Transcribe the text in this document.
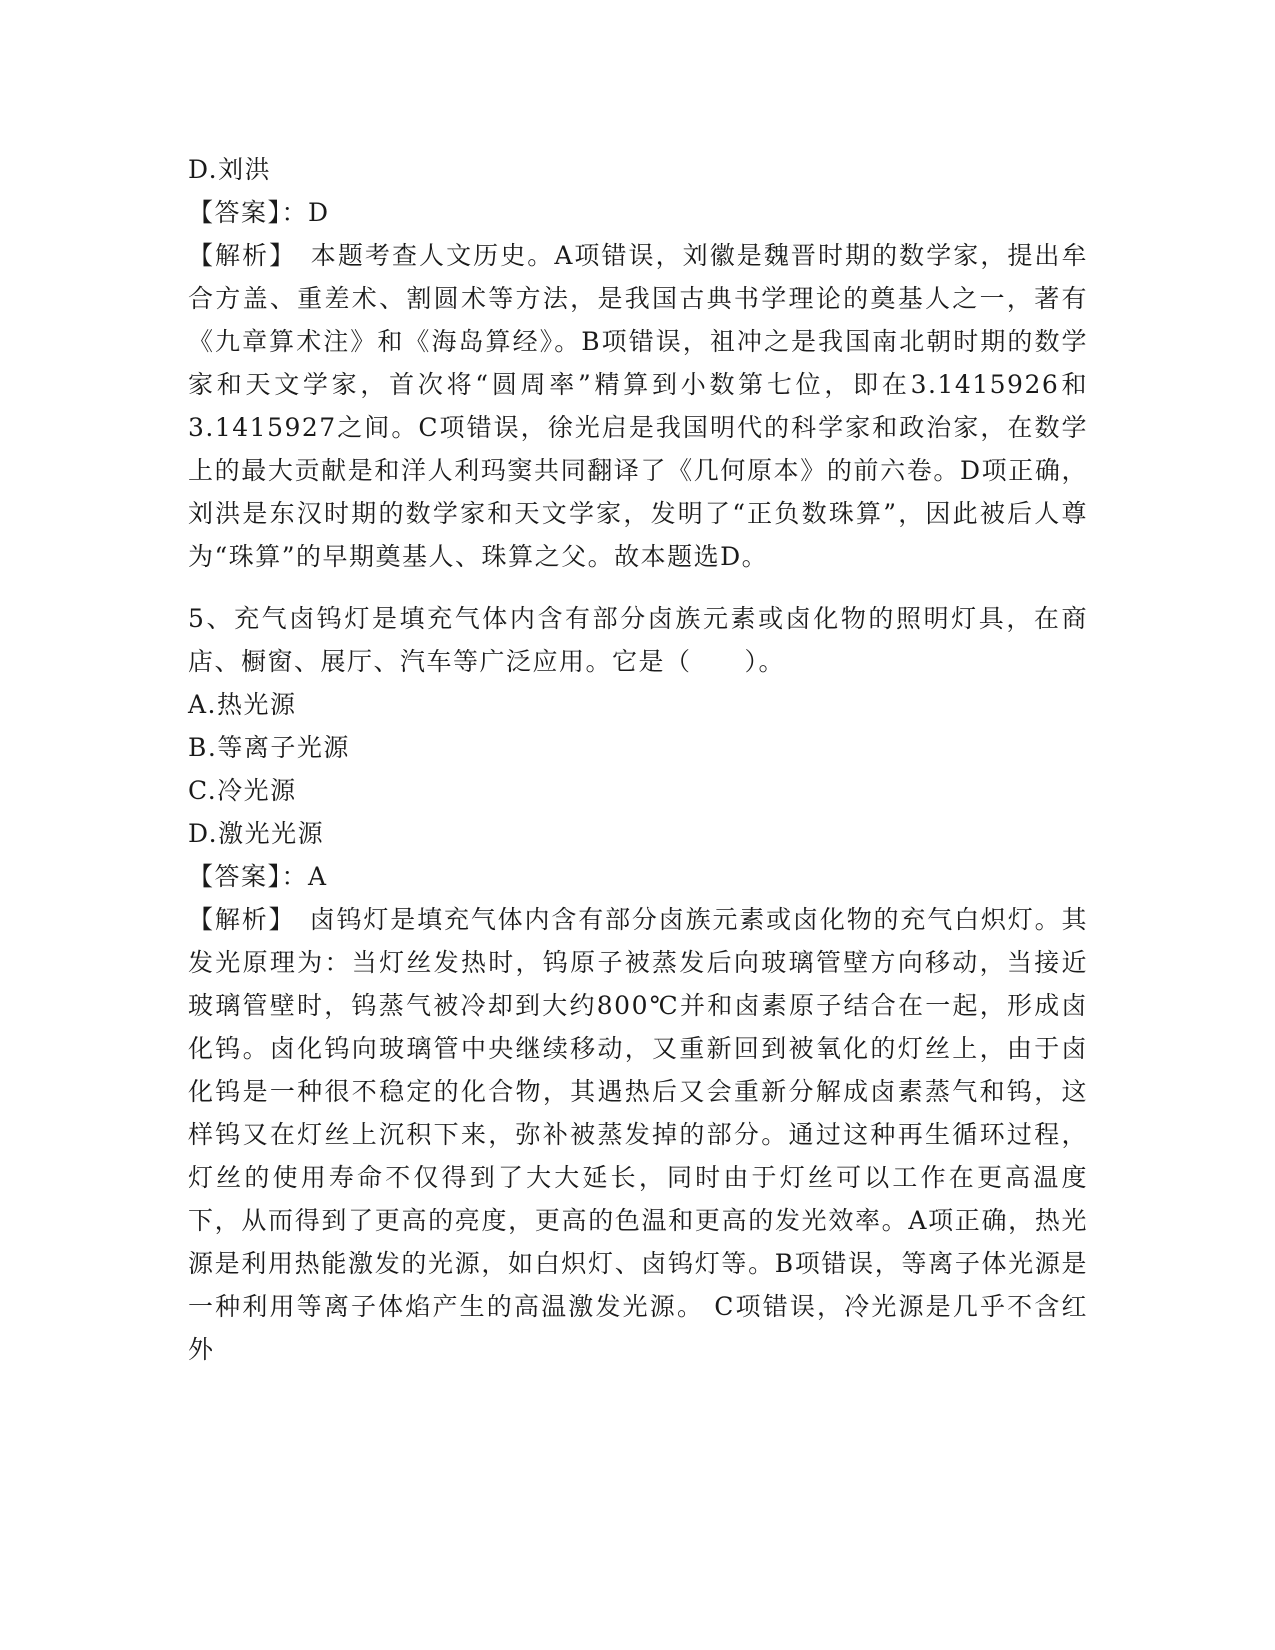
D.刘洪
【答案】：D
【解析】　本题考查人文历史。A项错误，刘徽是魏晋时期的数学家，提出牟合方盖、重差术、割圆术等方法，是我国古典书学理论的奠基人之一，著有《九章算术注》和《海岛算经》。B项错误，祖冲之是我国南北朝时期的数学家和天文学家，首次将“圆周率”精算到小数第七位，即在3.1415926和3.1415927之间。C项错误，徐光启是我国明代的科学家和政治家，在数学上的最大贡献是和洋人利玛窦共同翻译了《几何原本》的前六卷。D项正确，刘洪是东汉时期的数学家和天文学家，发明了“正负数珠算”，因此被后人尊为“珠算”的早期奠基人、珠算之父。故本题选D。
5、充气卤钨灯是填充气体内含有部分卤族元素或卤化物的照明灯具，在商店、橱窗、展厅、汽车等广泛应用。它是（　　）。
A.热光源
B.等离子光源
C.冷光源
D.激光光源
【答案】：A
【解析】　卤钨灯是填充气体内含有部分卤族元素或卤化物的充气白炽灯。其发光原理为：当灯丝发热时，钨原子被蒸发后向玻璃管壁方向移动，当接近玻璃管壁时，钨蒸气被冷却到大约800℃并和卤素原子结合在一起，形成卤化钨。卤化钨向玻璃管中央继续移动，又重新回到被氧化的灯丝上，由于卤化钨是一种很不稳定的化合物，其遇热后又会重新分解成卤素蒸气和钨，这样钨又在灯丝上沉积下来，弥补被蒸发掉的部分。通过这种再生循环过程，灯丝的使用寿命不仅得到了大大延长，同时由于灯丝可以工作在更高温度下，从而得到了更高的亮度，更高的色温和更高的发光效率。A项正确，热光源是利用热能激发的光源，如白炽灯、卤钨灯等。B项错误，等离子体光源是一种利用等离子体焰产生的高温激发光源。 C项错误，冷光源是几乎不含红外
